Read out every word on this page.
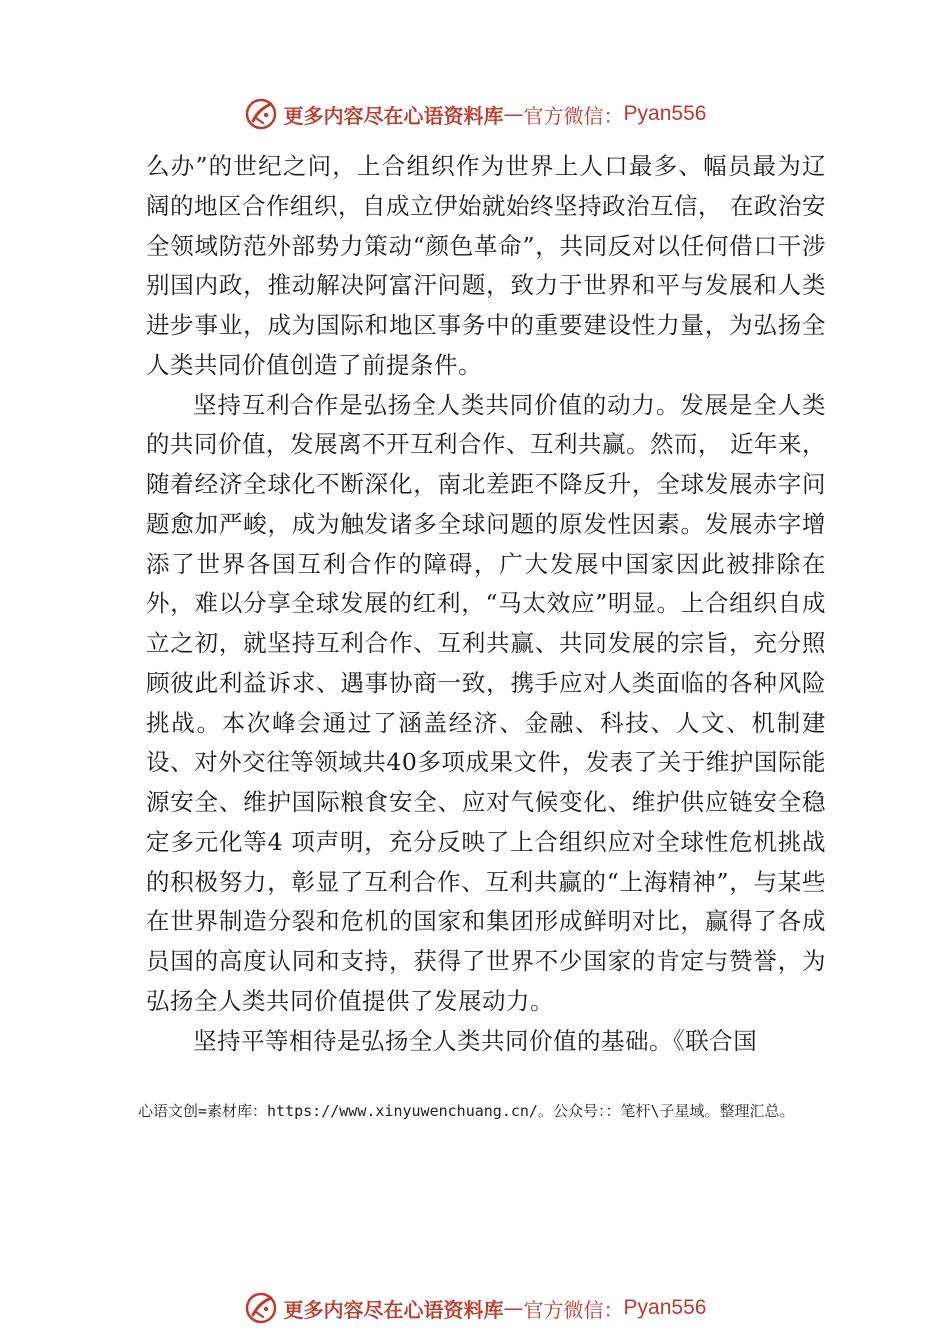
更多内容尽在心语资料库 — 官方微信： Pyan556

么办”的世纪之问，上合组织作为世界上人口最多、幅员最为辽阔的地区合作组织，自成立伊始就始终坚持政治互信， 在政治安全领域防范外部势力策动“颜色革命”，共同反对以任何借口干涉别国内政，推动解决阿富汗问题，致力于世界和平与发展和人类进步事业，成为国际和地区事务中的重要建设性力量，为弘扬全人类共同价值创造了前提条件。

坚持互利合作是弘扬全人类共同价值的动力。发展是全人类的共同价值，发展离不开互利合作、互利共赢。然而， 近年来，随着经济全球化不断深化，南北差距不降反升，全球发展赤字问题愈加严峻，成为触发诸多全球问题的原发性因素。发展赤字增添了世界各国互利合作的障碍，广大发展中国家因此被排除在外，难以分享全球发展的红利，“马太效应”明显。上合组织自成立之初，就坚持互利合作、互利共赢、共同发展的宗旨，充分照顾彼此利益诉求、遇事协商一致，携手应对人类面临的各种风险挑战。本次峰会通过了涵盖经济、金融、科技、人文、机制建设、对外交往等领域共40多项成果文件，发表了关于维护国际能源安全、维护国际粮食安全、应对气候变化、维护供应链安全稳定多元化等4 项声明，充分反映了上合组织应对全球性危机挑战的积极努力，彰显了互利合作、互利共赢的“上海精神”，与某些在世界制造分裂和危机的国家和集团形成鲜明对比，赢得了各成员国的高度认同和支持，获得了世界不少国家的肯定与赞誉，为弘扬全人类共同价值提供了发展动力。

坚持平等相待是弘扬全人类共同价值的基础。《联合国

心语文创=素材库：https://www.xinyuwenchuang.cn/。公众号：：笔杆\子星域。整理汇总。
更多内容尽在心语资料库 — 官方微信： Pyan556
